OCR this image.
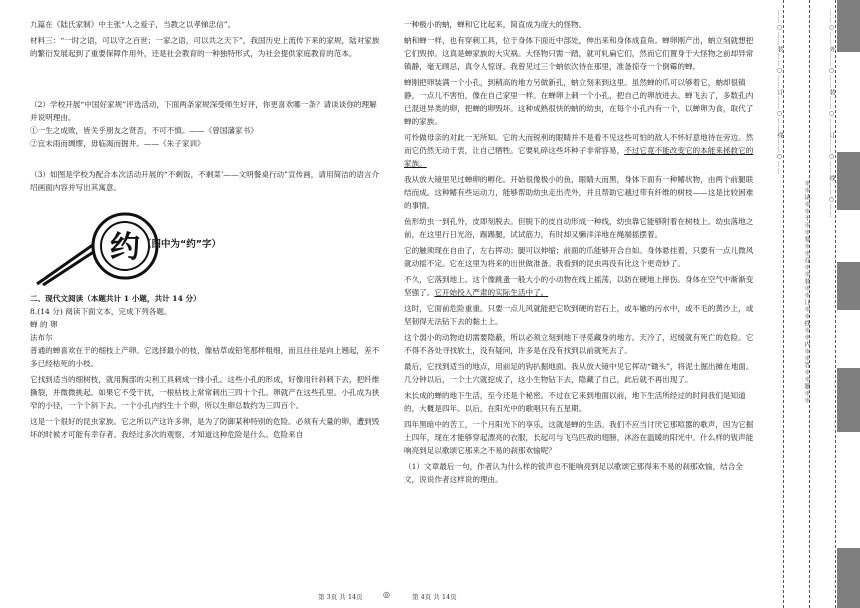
九篇在《陆氏家制》中主张“人之爱子，当教之以孝悌忠信”。

材料三：“一时之语，可以守之百世；一家之语，可以共之天下”，我国历史上流传下来的家规，陆对家族的繁衍发展起到了重要保障作用外，还是社会教育的一种独特形式，为社会提供家庭教育的范本。

（2）学校开展“中国好家规”评选活动，下面两条家规深受师生好评，你更喜欢哪一条？请谈谈你的理解并说明理由。

①一生之成败，皆关乎朋友之贤否，不可不慎。——《曾国藩家书》

②宜未雨而绸缪，毋临渴而掘井。——《朱子家训》

（3）如图是学校为配合本次活动开展的“不剩饭，不剩菜’——文明餐桌行动”宣传画，请用简洁的语言介绍画面内容并写出其寓意。

约 （图中为“约”字）

二、现代文阅读（本题共计 1 小题，共计 14 分）

8.(14 分) 阅读下面文本，完成下列各题。

蝉 的 卵

法布尔

普通的蝉喜欢在干的细枝上产卵。它选择最小的枝，像枯草或铅笔那样粗细，而且往往是向上翘起，差不多已经枯死的小枝。

它找到适当的细树枝，就用胸部的尖利工具刺成一排小孔。这些小孔的形成，好像用针斜刺下去，把纤维撕裂，并微微挑起。如果它不受干扰，一根枯枝上常常刺出三四十个孔。卵就产在这些孔里。小孔成为狭窄的小径，一个个斜下去。一个小孔内约生十个卵，所以生卵总数约为三四百个。

这是一个很好的昆虫家族。它之所以产这许多卵，是为了防御某种特别的危险。必须有大量的卵，遭到毁坏的时候才可能有幸存者。我经过多次的观察，才知道这种危险是什么。危险来自

一种极小的蚋，蝉和它比起来，简直成为庞大的怪物。

蚋和蝉一样，也有穿刺工具，位于身体下面近中部处，伸出来和身体成直角。蝉卵刚产出，蚋立刻就想把它们毁掉。这真是蝉家族的大灾祸。大怪物只需一踏，就可轧扁它们，然而它们置身于大怪物之前却异常镇静，毫无顾忌，真令人惊讶。我曾见过三个蚋依次待在那里，准备掠夺一个倒霉的蝉。

蝉刚把卵装满一个小孔，到稍高的地方另做新孔，蚋立刻来到这里。虽然蝉的爪可以够着它，蚋却很镇静，一点儿不害怕，像在自己家里一样。在蝉卵上刺一个小孔，把自己的卵放进去。蝉飞去了，多数孔内已混进异类的卵，把蝉的卵毁坏。这种成熟很快的蚋的幼虫，在每个小孔内有一个，以蝉卵为食，取代了蝉的家族。

可怜做母亲的对此一无所知。它的大而锐利的眼睛并不是看不见这些可怕的敌人不怀好意地待在旁边。然而它仍然无动于衷，让自己牺牲。它要轧碎这些坏种子非常容易，不过它竟不能改变它的本能来拯救它的家族。

我从放大镜里见过蝉卵的孵化。开始很像极小的鱼，眼睛大而黑，身体下面有一种鳍状物，由两个前腿联结而成。这种鳍有些运动力，能够帮助幼虫走出壳外，并且帮助它越过带有纤维的树枝——这是比较困难的事情。

鱼形幼虫一到孔外，皮即刻脱去。但脱下的皮自动形成一种线，幼虫靠它能够附着在树枝上。幼虫落地之前，在这里行日光浴，踢踢腿，试试筋力，有时却又懒洋洋地在绳端摇摆着。

它的触须现在自由了，左右挥动；腿可以伸缩；前面的爪能够开合自如。身体悬挂着，只要有一点儿微风就动摇不定。它在这里为将来的出世做准备。我看到的昆虫再没有比这个更奇妙了。

不久，它落到地上。这个像跳蚤一般大小的小动物在线上摇荡，以防在硬地上摔伤。身体在空气中渐渐变坚强了。它开始投入严肃的实际生活中了。

这时，它面前危险重重。只要一点儿风就能把它吹到硬的岩石上，或车辙的污水中，或不毛的黄沙上，或坚韧得无法钻下去的黏土上。

这个弱小的动物迫切需要隐蔽，所以必须立刻到地下寻觅藏身的地方。天冷了，迟缓就有死亡的危险。它不得不各处寻找软土，没有疑问，许多是在没有找到以前就死去了。

最后，它找到适当的地点，用前足的钩扒掘地面。我从放大镜中见它挥动“锄头”，将泥土掘出摊在地面。几分钟以后，一个土穴就挖成了，这小生物钻下去，隐藏了自己，此后就不再出现了。

未长成的蝉的地下生活，至今还是个秘密。不过在它来到地面以前，地下生活所经过的时间我们是知道的，大概是四年。以后，在阳光中的歌唱只有五星期。

四年黑暗中的苦工，一个月阳光下的享乐，这就是蝉的生活。我们不应当讨厌它那喧嚣的歌声，因为它掘土四年，现在才能够穿起漂亮的衣服，长起可与飞鸟匹敌的翅膀，沐浴在温暖的阳光中。什么样的钹声能响亮到足以歌颂它那来之不易的刹那欢愉呢？

（1）文章最后一句，作者认为什么样的钹声也不能响亮到足以歌颂它那得来不易的刹那欢愉，结合全文，说说作者这样说的理由。

第 3页 共 14页	◎	第 4页 共 14页
……○……装……○……订……○……线……○……
※※请※※不※※要※※在※※装※※订※※线※※内※※答※※题※※
……○……外……○……装……○……订……○……线……○……
